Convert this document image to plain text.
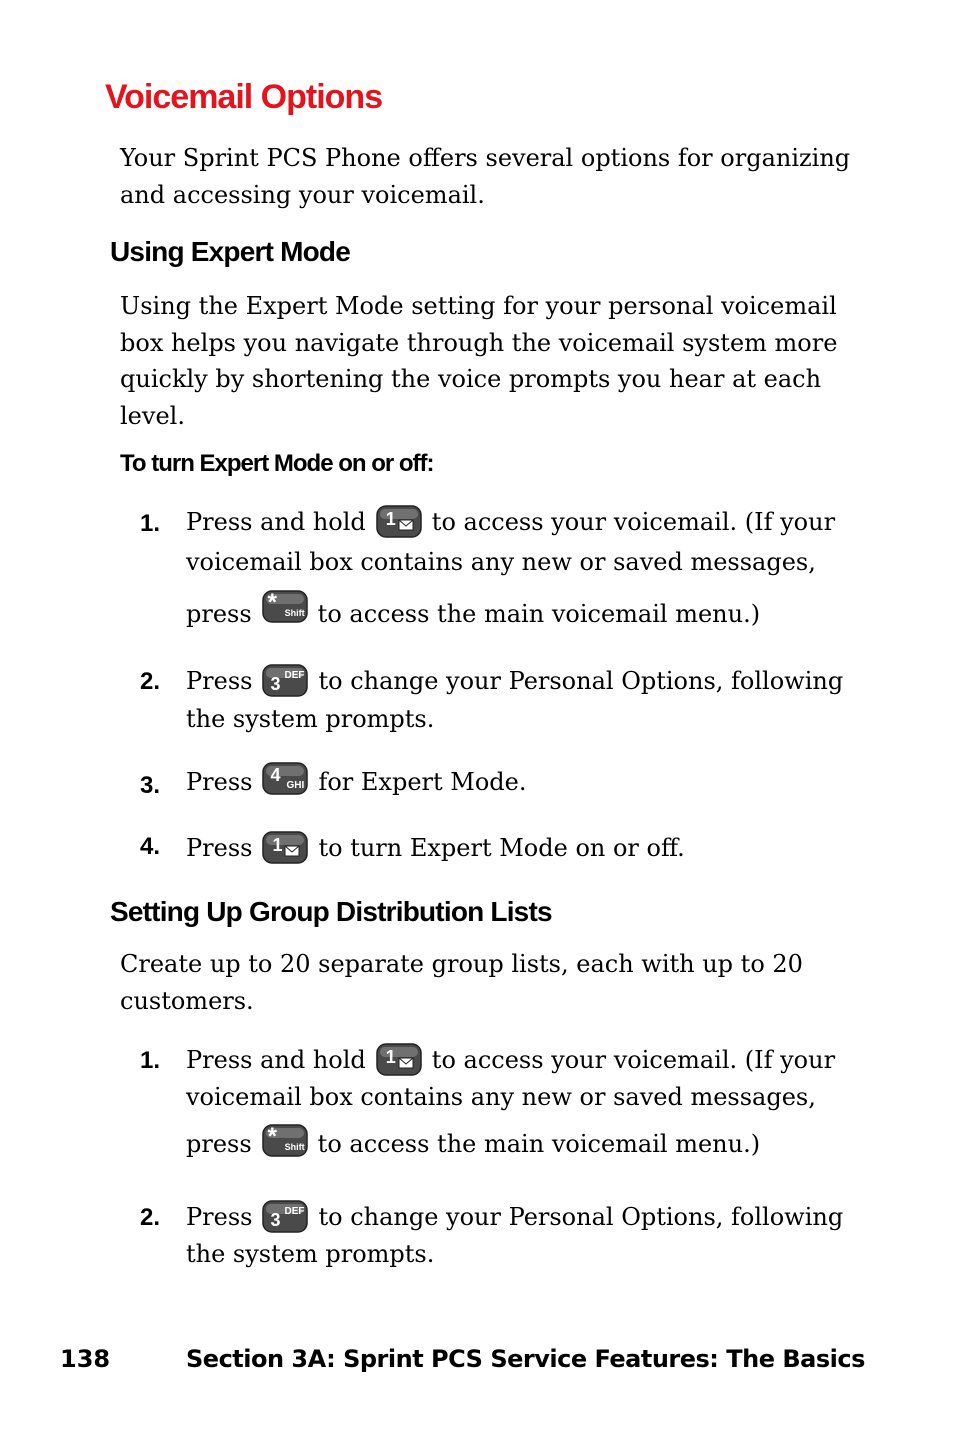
Voicemail Options

Your Sprint PCS Phone offers several options for organizing and accessing your voicemail.

Using Expert Mode

Using the Expert Mode setting for your personal voicemail box helps you navigate through the voicemail system more quickly by shortening the voice prompts you hear at each level.

To turn Expert Mode on or off:
1. Press and hold 1 to access your voicemail. (If your
voicemail box contains any new or saved messages,
press * Shift to access the main voicemail menu.)
2. Press 3 DEF to change your Personal Options, following
the system prompts.
3. Press 4
GHI for Expert Mode.
4. Press 1 to turn Expert Mode on or off.
Setting Up Group Distribution Lists

Create up to 20 separate group lists, each with up to 20 customers.

1. Press and hold 1 to access your voicemail. (If your
voicemail box contains any new or saved messages,
press * Shift to access the main voicemail menu.)
2. Press 3 DEF to change your Personal Options, following
the system prompts.
138	Section 3A: Sprint PCS Service Features: The Basics
